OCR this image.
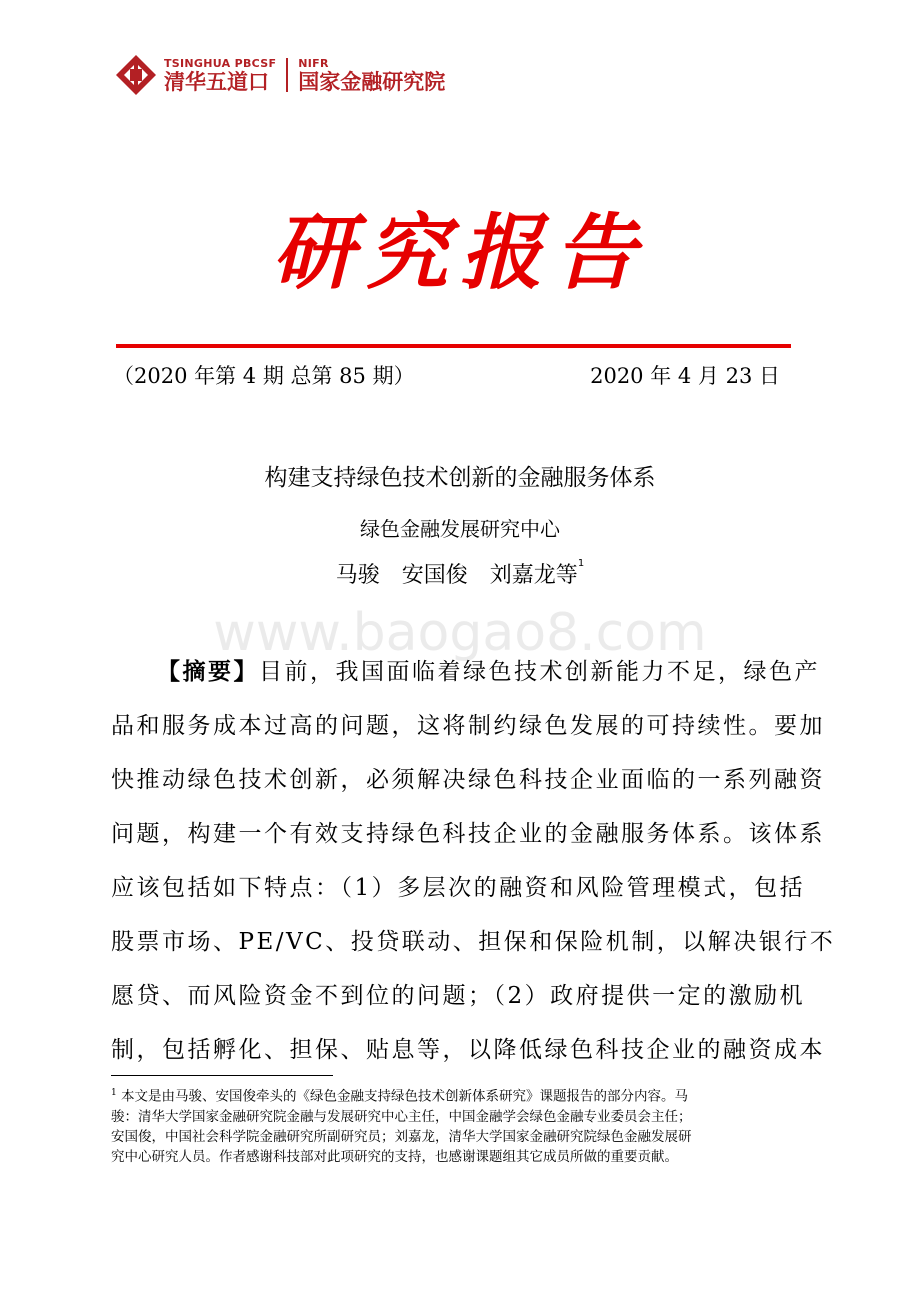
TSINGHUA PBCSF
清华五道口
NIFR
国家金融研究院
研究报告
（2020 年第 4 期 总第 85 期）	2020 年 4 月 23 日
构建支持绿色技术创新的金融服务体系
绿色金融发展研究中心
马骏　安国俊　刘嘉龙等$^1$
www.baogao8.com
【摘要】目前，我国面临着绿色技术创新能力不足，绿色产
品和服务成本过高的问题，这将制约绿色发展的可持续性。要加
快推动绿色技术创新，必须解决绿色科技企业面临的一系列融资
问题，构建一个有效支持绿色科技企业的金融服务体系。该体系
应该包括如下特点：（1）多层次的融资和风险管理模式，包括
股票市场、PE/VC、投贷联动、担保和保险机制，以解决银行不
愿贷、而风险资金不到位的问题；（2）政府提供一定的激励机
制，包括孵化、担保、贴息等，以降低绿色科技企业的融资成本
$^1$ 本文是由马骏、安国俊牵头的《绿色金融支持绿色技术创新体系研究》课题报告的部分内容。马
骏：清华大学国家金融研究院金融与发展研究中心主任，中国金融学会绿色金融专业委员会主任；
安国俊，中国社会科学院金融研究所副研究员；刘嘉龙，清华大学国家金融研究院绿色金融发展研
究中心研究人员。作者感谢科技部对此项研究的支持，也感谢课题组其它成员所做的重要贡献。
